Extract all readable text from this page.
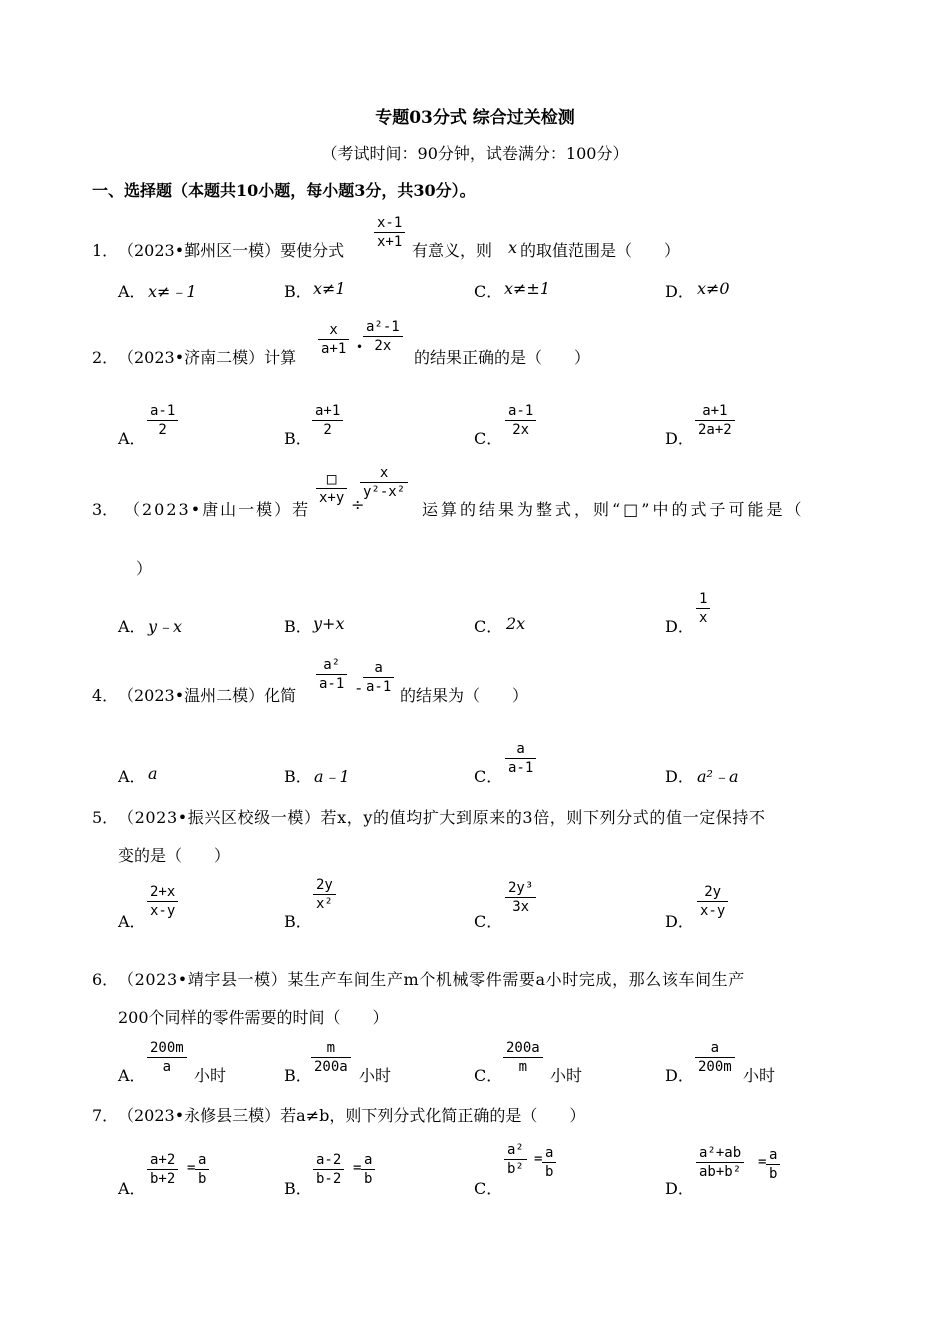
专题03分式 综合过关检测
（考试时间：90分钟，试卷满分：100分）
一、选择题（本题共10小题，每小题3分，共30分）。
1． （2023•鄞州区一模）要使分式 $\frac{x-1}{x+1}$ 有意义，则 x 的取值范围是（　　）
A． x≠﹣1	B． x≠1	C． x≠±1	D． x≠0
2． （2023•济南二模）计算 $\frac{x}{a+1}$ • $\frac{\text{a²-1}}{2x}$
的结果正确的是（　　）
A． $\frac{a-1}{2}$	B． $\frac{a+1}{2}$	C． $\frac{a-1}{2x}$	D． $\frac{a+1}{2a+2}$
3． （2023•唐山一模）若
□
x+y ÷
$\frac{x}{\text{y²-x²}}$
运算的结果为整式，则“□”中的式子可能是（
）
A． y﹣x	B． y+x	C． 2x	D． $\frac{1}{x}$
4． （2023•温州二模）化简
$\frac{\text{a²}}{a-1} - \frac{a}{a-1}$ 的结果为（　　）
A． a	B． a﹣1	C． $\frac{a}{a-1}$	D． a²﹣a
5． （2023•振兴区校级一模）若x，y的值均扩大到原来的3倍，则下列分式的值一定保持不
变的是（　　）
A．
$\frac{2+x}{x-y}$
B．
$\frac{2y}{\text{x²}}$
C．
$\frac{\text{2y³}}{3x}$
D．
$\frac{2y}{x-y}$
6． （2023•靖宇县一模）某生产车间生产m个机械零件需要a小时完成，那么该车间生产
200个同样的零件需要的时间（　　）
A． $\frac{200m}{a}$ 小时	B． $\frac{m}{200a}$ 小时	C． $\frac{200a}{m}$ 小时	D． $\frac{a}{200m}$ 小时
7． （2023•永修县三模）若a≠b，则下列分式化简正确的是（　　）
A．
$\frac{a+2}{b+2} = \frac{a}{b}$
B．
$\frac{a-2}{b-2} = \frac{a}{b}$
C．
$\frac{\text{a²}}{\text{b²}} = \frac{a}{b}$
D．
$\frac{\text{a²+ab}}{\text{ab+b²}} = \frac{a}{b}$
